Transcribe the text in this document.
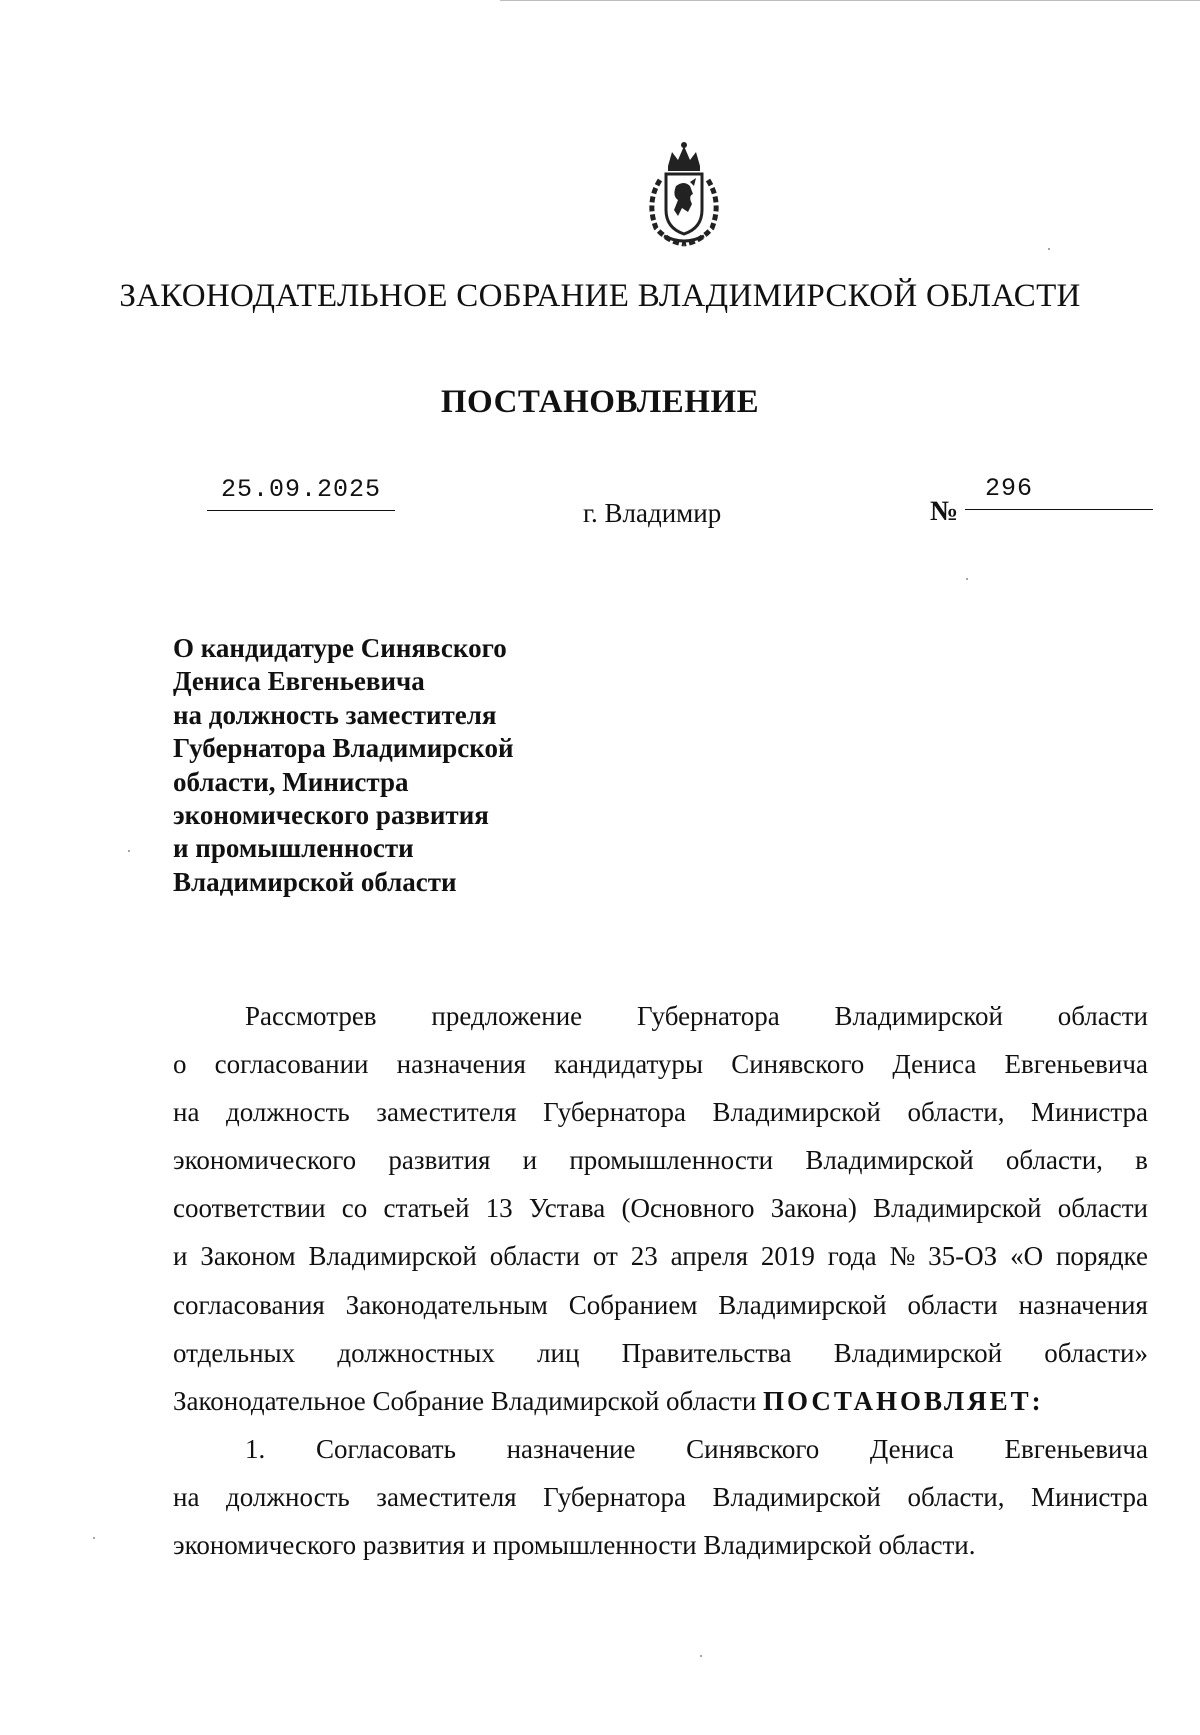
ЗАКОНОДАТЕЛЬНОЕ СОБРАНИЕ ВЛАДИМИРСКОЙ ОБЛАСТИ
ПОСТАНОВЛЕНИЕ
25.09.2025
г. Владимир	№
296
О кандидатуре Синявского
Дениса Евгеньевича
на должность заместителя
Губернатора Владимирской
области, Министра
экономического развития
и промышленности
Владимирской области
Рассмотрев предложение Губернатора Владимирской области
о согласовании назначения кандидатуры Синявского Дениса Евгеньевича
на должность заместителя Губернатора Владимирской области, Министра
экономического развития и промышленности Владимирской области, в
соответствии со статьей 13 Устава (Основного Закона) Владимирской области
и Законом Владимирской области от 23 апреля 2019 года № 35-ОЗ «О порядке
согласования Законодательным Собранием Владимирской области назначения
отдельных должностных лиц Правительства Владимирской области»
Законодательное Собрание Владимирской области ПОСТАНОВЛЯЕТ:
1. Согласовать назначение Синявского Дениса Евгеньевича
на должность заместителя Губернатора Владимирской области, Министра
экономического развития и промышленности Владимирской области.
